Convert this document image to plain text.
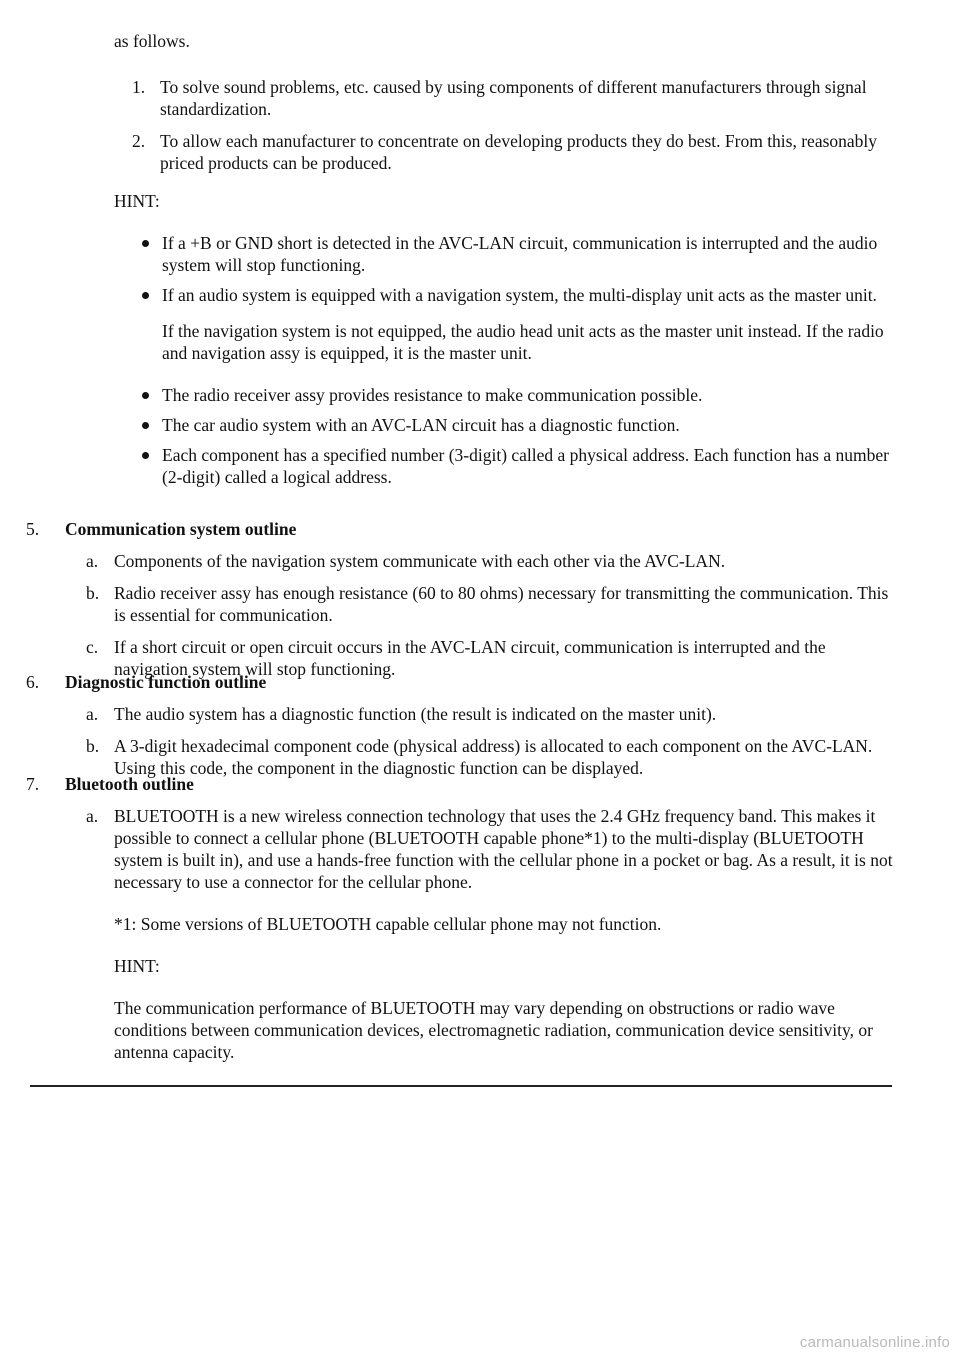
as follows.

1. To solve sound problems, etc. caused by using components of different manufacturers through signal standardization.
2. To allow each manufacturer to concentrate on developing products they do best. From this, reasonably priced products can be produced.

HINT:

If a +B or GND short is detected in the AVC-LAN circuit, communication is interrupted and the audio system will stop functioning.
If an audio system is equipped with a navigation system, the multi-display unit acts as the master unit.
If the navigation system is not equipped, the audio head unit acts as the master unit instead. If the radio and navigation assy is equipped, it is the master unit.
The radio receiver assy provides resistance to make communication possible.
The car audio system with an AVC-LAN circuit has a diagnostic function.
Each component has a specified number (3-digit) called a physical address. Each function has a number (2-digit) called a logical address.
5. Communication system outline
a. Components of the navigation system communicate with each other via the AVC-LAN.
b. Radio receiver assy has enough resistance (60 to 80 ohms) necessary for transmitting the communication. This is essential for communication.
c. If a short circuit or open circuit occurs in the AVC-LAN circuit, communication is interrupted and the navigation system will stop functioning.
6. Diagnostic function outline
a. The audio system has a diagnostic function (the result is indicated on the master unit).
b. A 3-digit hexadecimal component code (physical address) is allocated to each component on the AVC-LAN. Using this code, the component in the diagnostic function can be displayed.
7. Bluetooth outline
a. BLUETOOTH is a new wireless connection technology that uses the 2.4 GHz frequency band. This makes it possible to connect a cellular phone (BLUETOOTH capable phone*1) to the multi-display (BLUETOOTH system is built in), and use a hands-free function with the cellular phone in a pocket or bag. As a result, it is not necessary to use a connector for the cellular phone.
*1: Some versions of BLUETOOTH capable cellular phone may not function.
HINT:
The communication performance of BLUETOOTH may vary depending on obstructions or radio wave conditions between communication devices, electromagnetic radiation, communication device sensitivity, or antenna capacity.
carmanualsonline.info
